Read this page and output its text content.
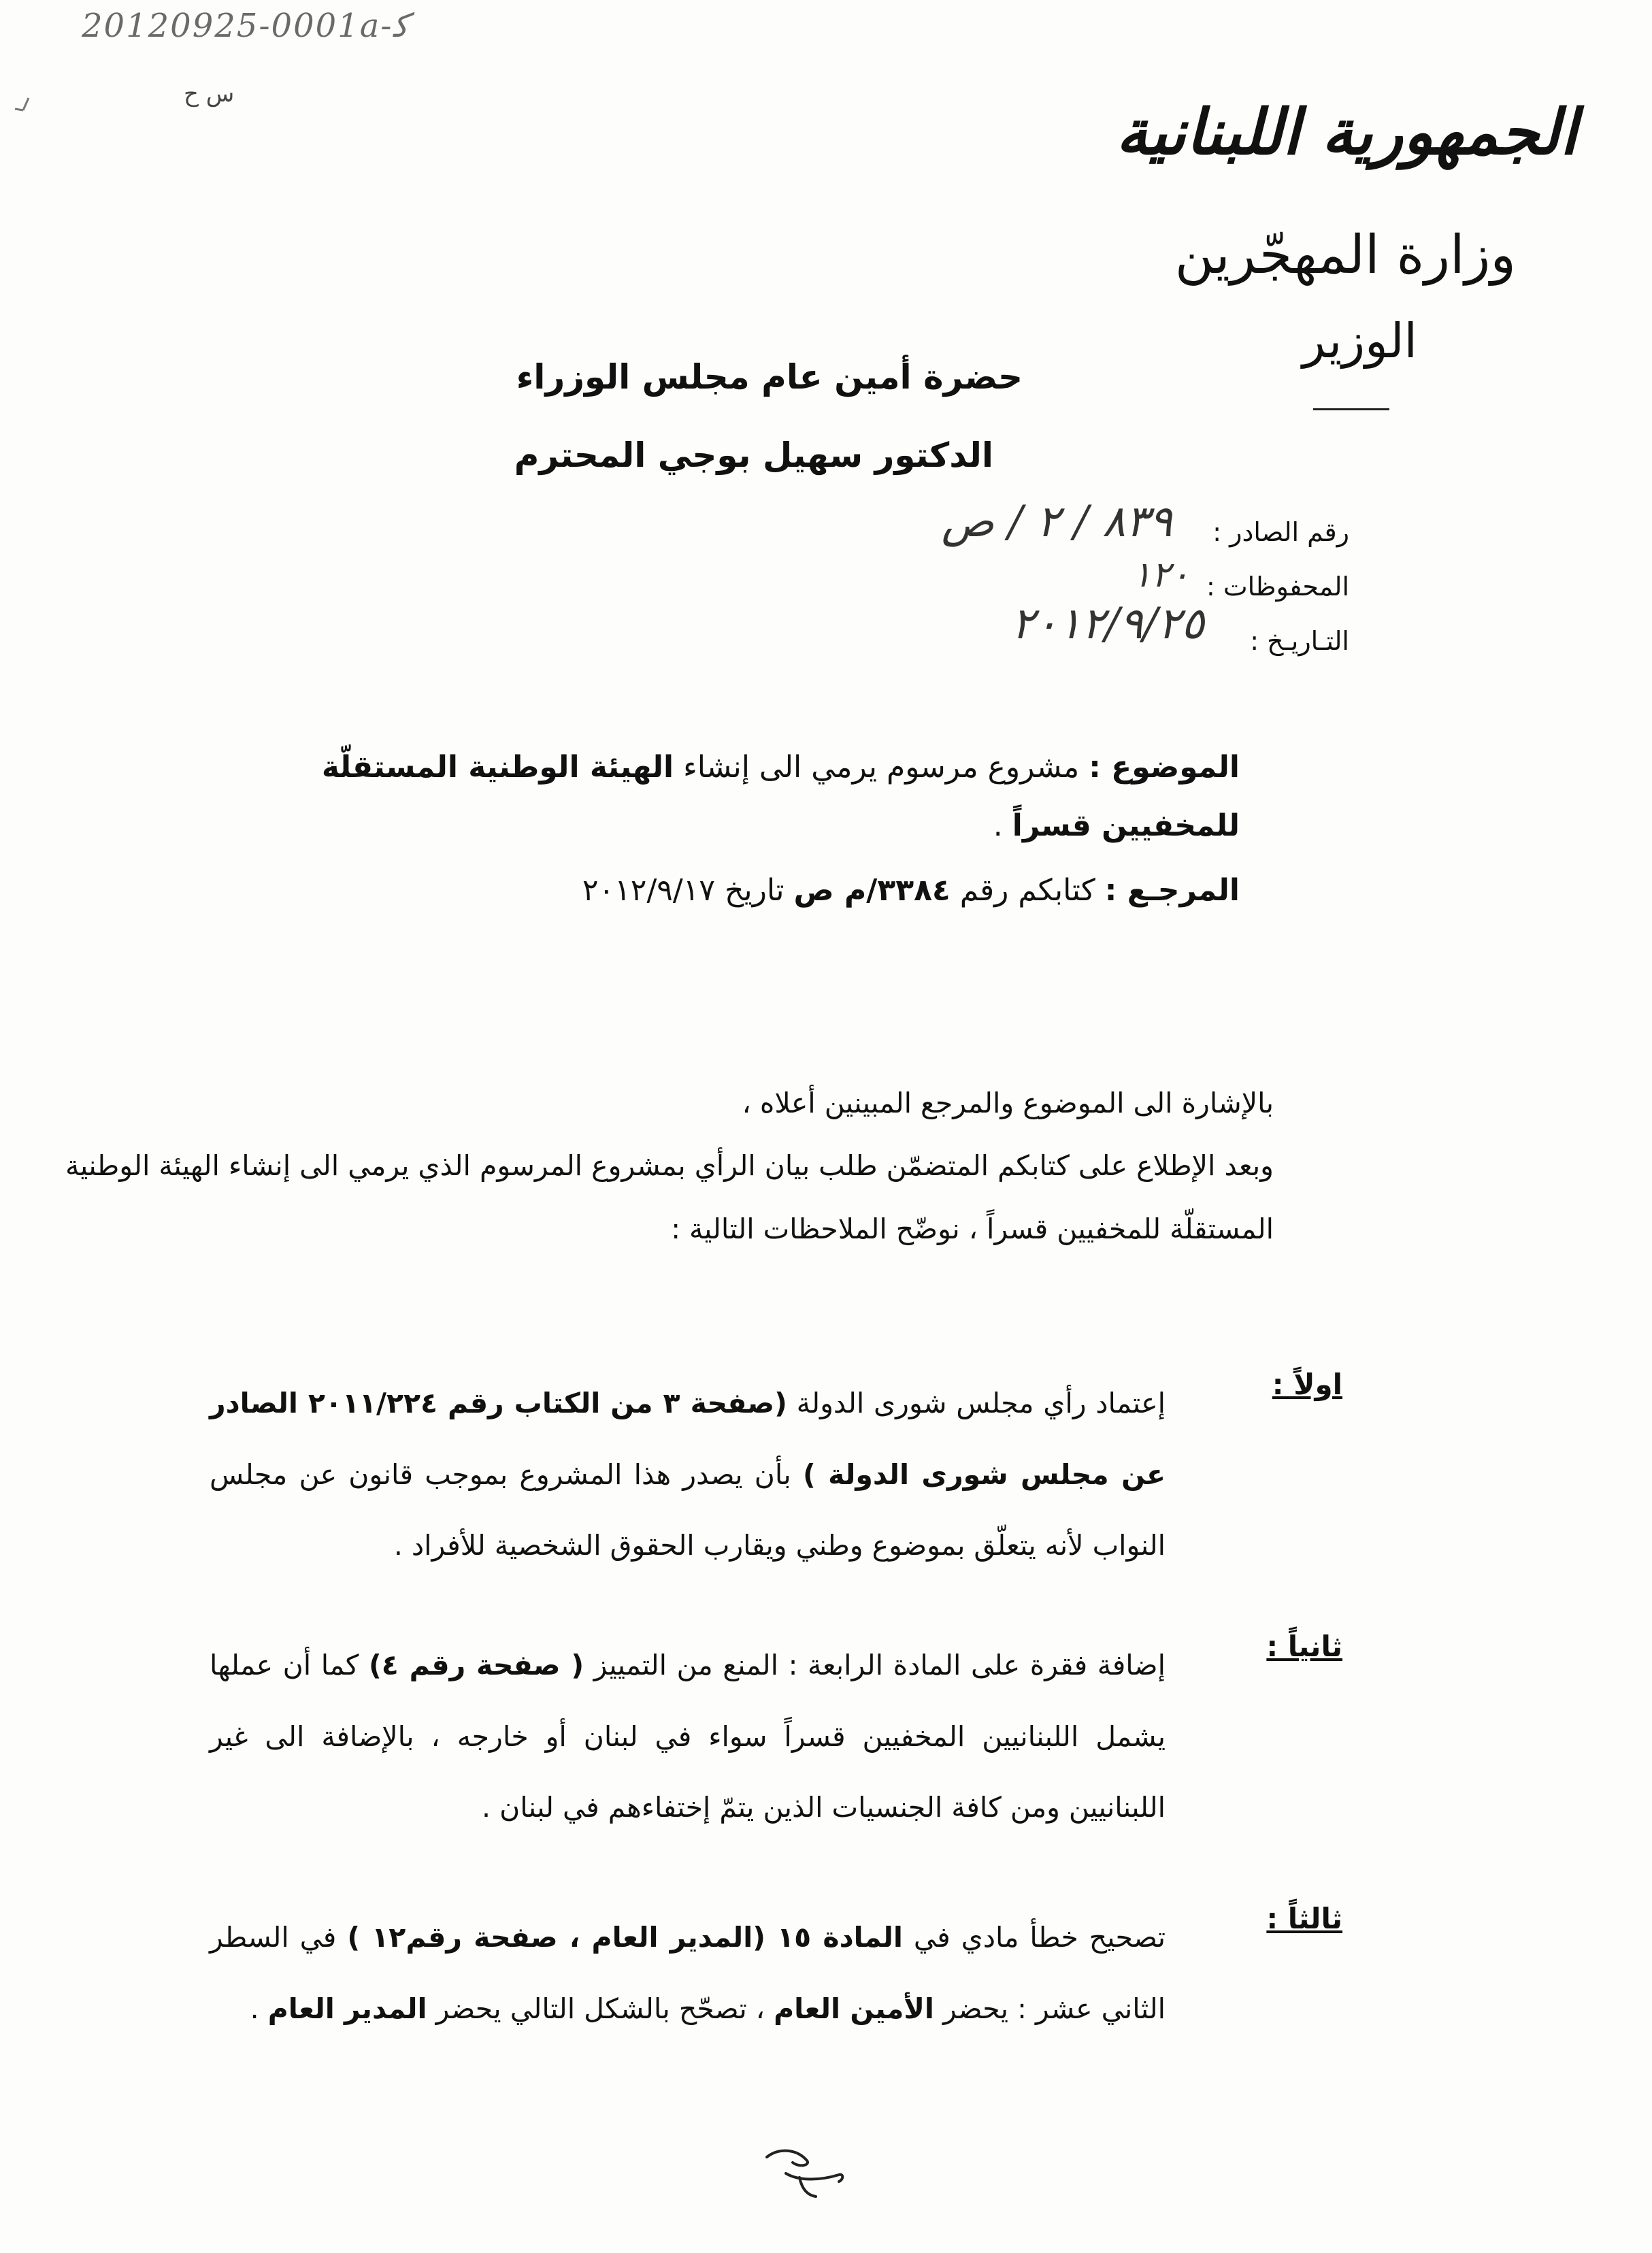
20120925-0001a-ﮐ
س ح
الجمهورية اللبنانية
وزارة المهجّرين
الوزير
حضرة أمين عام مجلس الوزراء
الدكتور سهيل بوجي المحترم
رقم الصادر :
٨٣٩ / ٢ / ص
المحفوظات :
١٢٠
التـاريـخ :
٢٠١٢/٩/٢٥
الموضوع : مشروع مرسوم يرمي الى إنشاء الهيئة الوطنية المستقلّة للمخفيين قسراً .
المرجـع : كتابكم رقم ٣٣٨٤/م ص تاريخ ٢٠١٢/٩/١٧
بالإشارة الى الموضوع والمرجع المبينين أعلاه ،
وبعد الإطلاع على كتابكم المتضمّن طلب بيان الرأي بمشروع المرسوم الذي يرمي الى إنشاء الهيئة الوطنية المستقلّة للمخفيين قسراً ، نوضّح الملاحظات التالية :
اولاً :
إعتماد رأي مجلس شورى الدولة (صفحة ٣ من الكتاب رقم ٢٠١١/٢٢٤ الصادر عن مجلس شورى الدولة ) بأن يصدر هذا المشروع بموجب قانون عن مجلس النواب لأنه يتعلّق بموضوع وطني ويقارب الحقوق الشخصية للأفراد .
ثانياً :
إضافة فقرة على المادة الرابعة : المنع من التمييز ( صفحة رقم ٤) كما أن عملها يشمل اللبنانيين المخفيين قسراً سواء في لبنان أو خارجه ، بالإضافة الى غير اللبنانيين ومن كافة الجنسيات الذين يتمّ إختفاءهم في لبنان .
ثالثاً :
تصحيح خطأ مادي في المادة ١٥ (المدير العام ، صفحة رقم١٢ ) في السطر الثاني عشر : يحضر الأمين العام ، تصحّح بالشكل التالي يحضر المدير العام .
